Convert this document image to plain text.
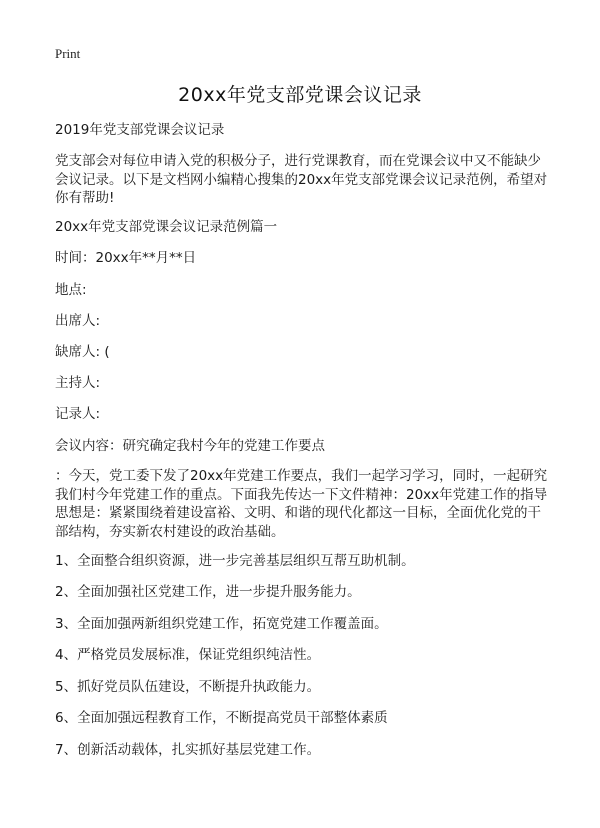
Print
20xx年党支部党课会议记录
2019年党支部党课会议记录
党支部会对每位申请入党的积极分子，进行党课教育，而在党课会议中又不能缺少
会议记录。以下是文档网小编精心搜集的20xx年党支部党课会议记录范例，希望对
你有帮助!
20xx年党支部党课会议记录范例篇一
时间：20xx年**月**日
地点:
出席人:
缺席人: (
主持人:
记录人:
会议内容：研究确定我村今年的党建工作要点
：今天，党工委下发了20xx年党建工作要点，我们一起学习学习，同时，一起研究
我们村今年党建工作的重点。下面我先传达一下文件精神：20xx年党建工作的指导
思想是：紧紧围绕着建设富裕、文明、和谐的现代化都这一目标，全面优化党的干
部结构，夯实新农村建设的政治基础。
1、全面整合组织资源，进一步完善基层组织互帮互助机制。
2、全面加强社区党建工作，进一步提升服务能力。
3、全面加强两新组织党建工作，拓宽党建工作覆盖面。
4、严格党员发展标准，保证党组织纯洁性。
5、抓好党员队伍建设，不断提升执政能力。
6、全面加强远程教育工作，不断提高党员干部整体素质
7、创新活动载体，扎实抓好基层党建工作。
